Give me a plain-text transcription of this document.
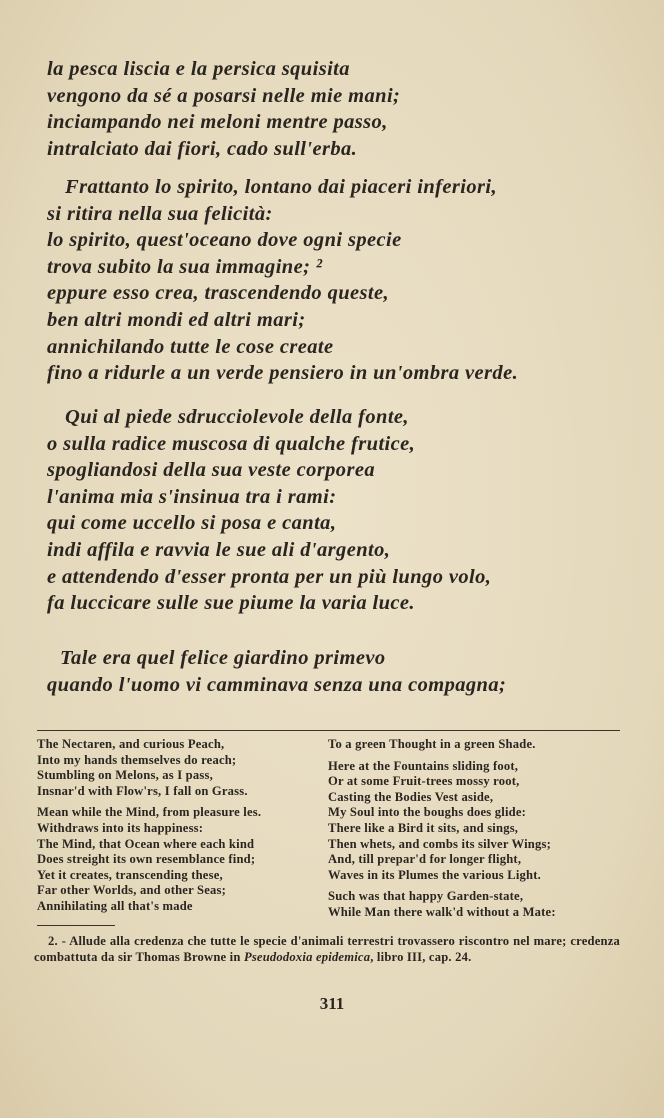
la pesca liscia e la persica squisita
vengono da sé a posarsi nelle mie mani;
inciampando nei meloni mentre passo,
intralciato dai fiori, cado sull'erba.
Frattanto lo spirito, lontano dai piaceri inferiori,
si ritira nella sua felicità:
lo spirito, quest'oceano dove ogni specie
trova subito la sua immagine; ²
eppure esso crea, trascendendo queste,
ben altri mondi ed altri mari;
annichilando tutte le cose create
fino a ridurle a un verde pensiero in un'ombra verde.
Qui al piede sdrucciolevole della fonte,
o sulla radice muscosa di qualche frutice,
spogliandosi della sua veste corporea
l'anima mia s'insinua tra i rami:
qui come uccello si posa e canta,
indi affila e ravvia le sue ali d'argento,
e attendendo d'esser pronta per un più lungo volo,
fa luccicare sulle sue piume la varia luce.
Tale era quel felice giardino primevo
quando l'uomo vi camminava senza una compagna;
The Nectaren, and curious Peach,
Into my hands themselves do reach;
Stumbling on Melons, as I pass,
Insnar'd with Flow'rs, I fall on Grass.
Mean while the Mind, from pleasure les.
Withdraws into its happiness:
The Mind, that Ocean where each kind
Does streight its own resemblance find;
Yet it creates, transcending these,
Far other Worlds, and other Seas;
Annihilating all that's made
To a green Thought in a green Shade.
Here at the Fountains sliding foot,
Or at some Fruit-trees mossy root,
Casting the Bodies Vest aside,
My Soul into the boughs does glide:
There like a Bird it sits, and sings,
Then whets, and combs its silver Wings;
And, till prepar'd for longer flight,
Waves in its Plumes the various Light.
Such was that happy Garden-state,
While Man there walk'd without a Mate:
2. - Allude alla credenza che tutte le specie d'animali terrestri trovassero riscontro nel mare; credenza combattuta da sir Thomas Browne in Pseudodoxia epidemica, libro III, cap. 24.
311
